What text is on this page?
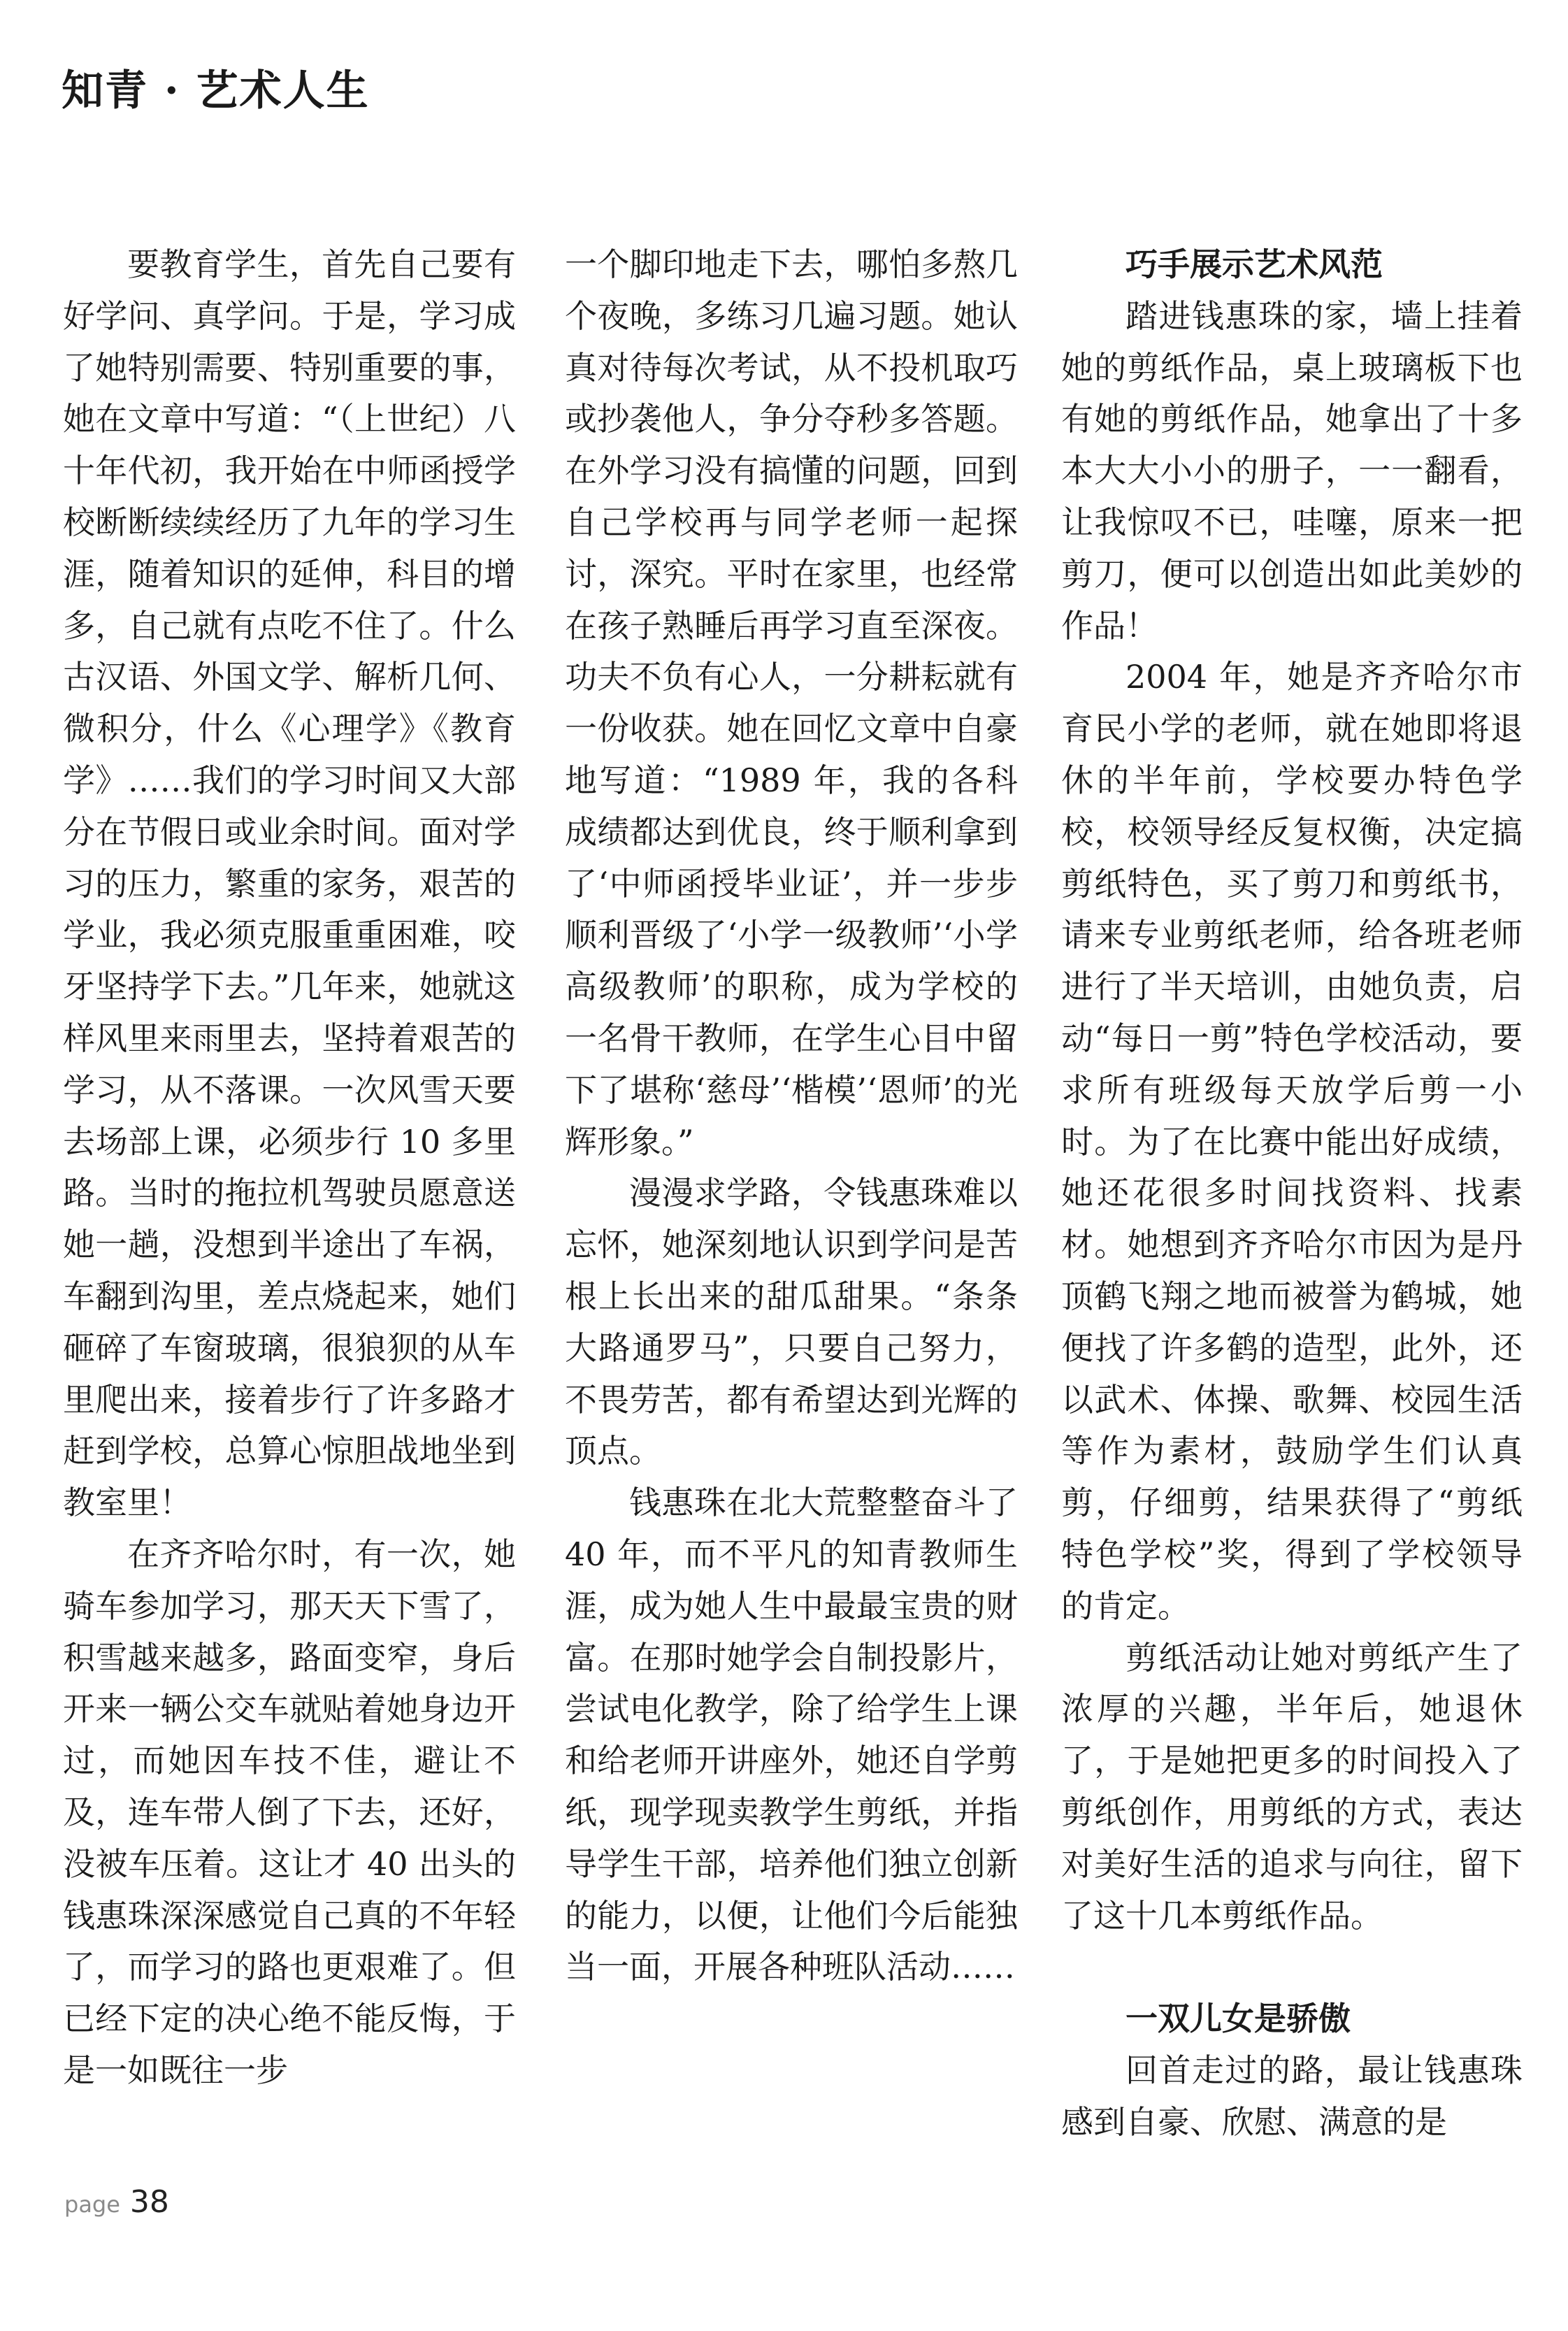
知青 · 艺术人生

要教育学生，首先自己要有好学问、真学问。于是，学习成了她特别需要、特别重要的事，她在文章中写道：“（上世纪）八十年代初，我开始在中师函授学校断断续续经历了九年的学习生涯，随着知识的延伸，科目的增多，自己就有点吃不住了。什么古汉语、外国文学、解析几何、微积分，什么《心理学》《教育学》……我们的学习时间又大部分在节假日或业余时间。面对学习的压力，繁重的家务，艰苦的学业，我必须克服重重困难，咬牙坚持学下去。”几年来，她就这样风里来雨里去，坚持着艰苦的学习，从不落课。一次风雪天要去场部上课，必须步行 10 多里路。当时的拖拉机驾驶员愿意送她一趟，没想到半途出了车祸，车翻到沟里，差点烧起来，她们砸碎了车窗玻璃，很狼狈的从车里爬出来，接着步行了许多路才赶到学校，总算心惊胆战地坐到教室里！

在齐齐哈尔时，有一次，她骑车参加学习，那天天下雪了，积雪越来越多，路面变窄，身后开来一辆公交车就贴着她身边开过，而她因车技不佳，避让不及，连车带人倒了下去，还好，没被车压着。这让才 40 出头的钱惠珠深深感觉自己真的不年轻了，而学习的路也更艰难了。但已经下定的决心绝不能反悔，于是一如既往一步

一个脚印地走下去，哪怕多熬几个夜晚，多练习几遍习题。她认真对待每次考试，从不投机取巧或抄袭他人，争分夺秒多答题。在外学习没有搞懂的问题，回到自己学校再与同学老师一起探讨，深究。平时在家里，也经常在孩子熟睡后再学习直至深夜。功夫不负有心人，一分耕耘就有一份收获。她在回忆文章中自豪地写道：“1989 年，我的各科成绩都达到优良，终于顺利拿到了‘中师函授毕业证’，并一步步顺利晋级了‘小学一级教师’‘小学高级教师’的职称，成为学校的一名骨干教师，在学生心目中留下了堪称‘慈母’‘楷模’‘恩师’的光辉形象。”

漫漫求学路，令钱惠珠难以忘怀，她深刻地认识到学问是苦根上长出来的甜瓜甜果。“条条大路通罗马”，只要自己努力，不畏劳苦，都有希望达到光辉的顶点。

钱惠珠在北大荒整整奋斗了 40 年，而不平凡的知青教师生涯，成为她人生中最最宝贵的财富。在那时她学会自制投影片，尝试电化教学，除了给学生上课和给老师开讲座外，她还自学剪纸，现学现卖教学生剪纸，并指导学生干部，培养他们独立创新的能力，以便，让他们今后能独当一面，开展各种班队活动……

巧手展示艺术风范

踏进钱惠珠的家，墙上挂着她的剪纸作品，桌上玻璃板下也有她的剪纸作品，她拿出了十多本大大小小的册子，一一翻看，让我惊叹不已，哇噻，原来一把剪刀，便可以创造出如此美妙的作品！

2004 年，她是齐齐哈尔市育民小学的老师，就在她即将退休的半年前，学校要办特色学校，校领导经反复权衡，决定搞剪纸特色，买了剪刀和剪纸书，请来专业剪纸老师，给各班老师进行了半天培训，由她负责，启动“每日一剪”特色学校活动，要求所有班级每天放学后剪一小时。为了在比赛中能出好成绩，她还花很多时间找资料、找素材。她想到齐齐哈尔市因为是丹顶鹤飞翔之地而被誉为鹤城，她便找了许多鹤的造型，此外，还以武术、体操、歌舞、校园生活等作为素材，鼓励学生们认真剪，仔细剪，结果获得了“剪纸特色学校”奖，得到了学校领导的肯定。

剪纸活动让她对剪纸产生了浓厚的兴趣，半年后，她退休了，于是她把更多的时间投入了剪纸创作，用剪纸的方式，表达对美好生活的追求与向往，留下了这十几本剪纸作品。

一双儿女是骄傲

回首走过的路，最让钱惠珠感到自豪、欣慰、满意的是

page 38
